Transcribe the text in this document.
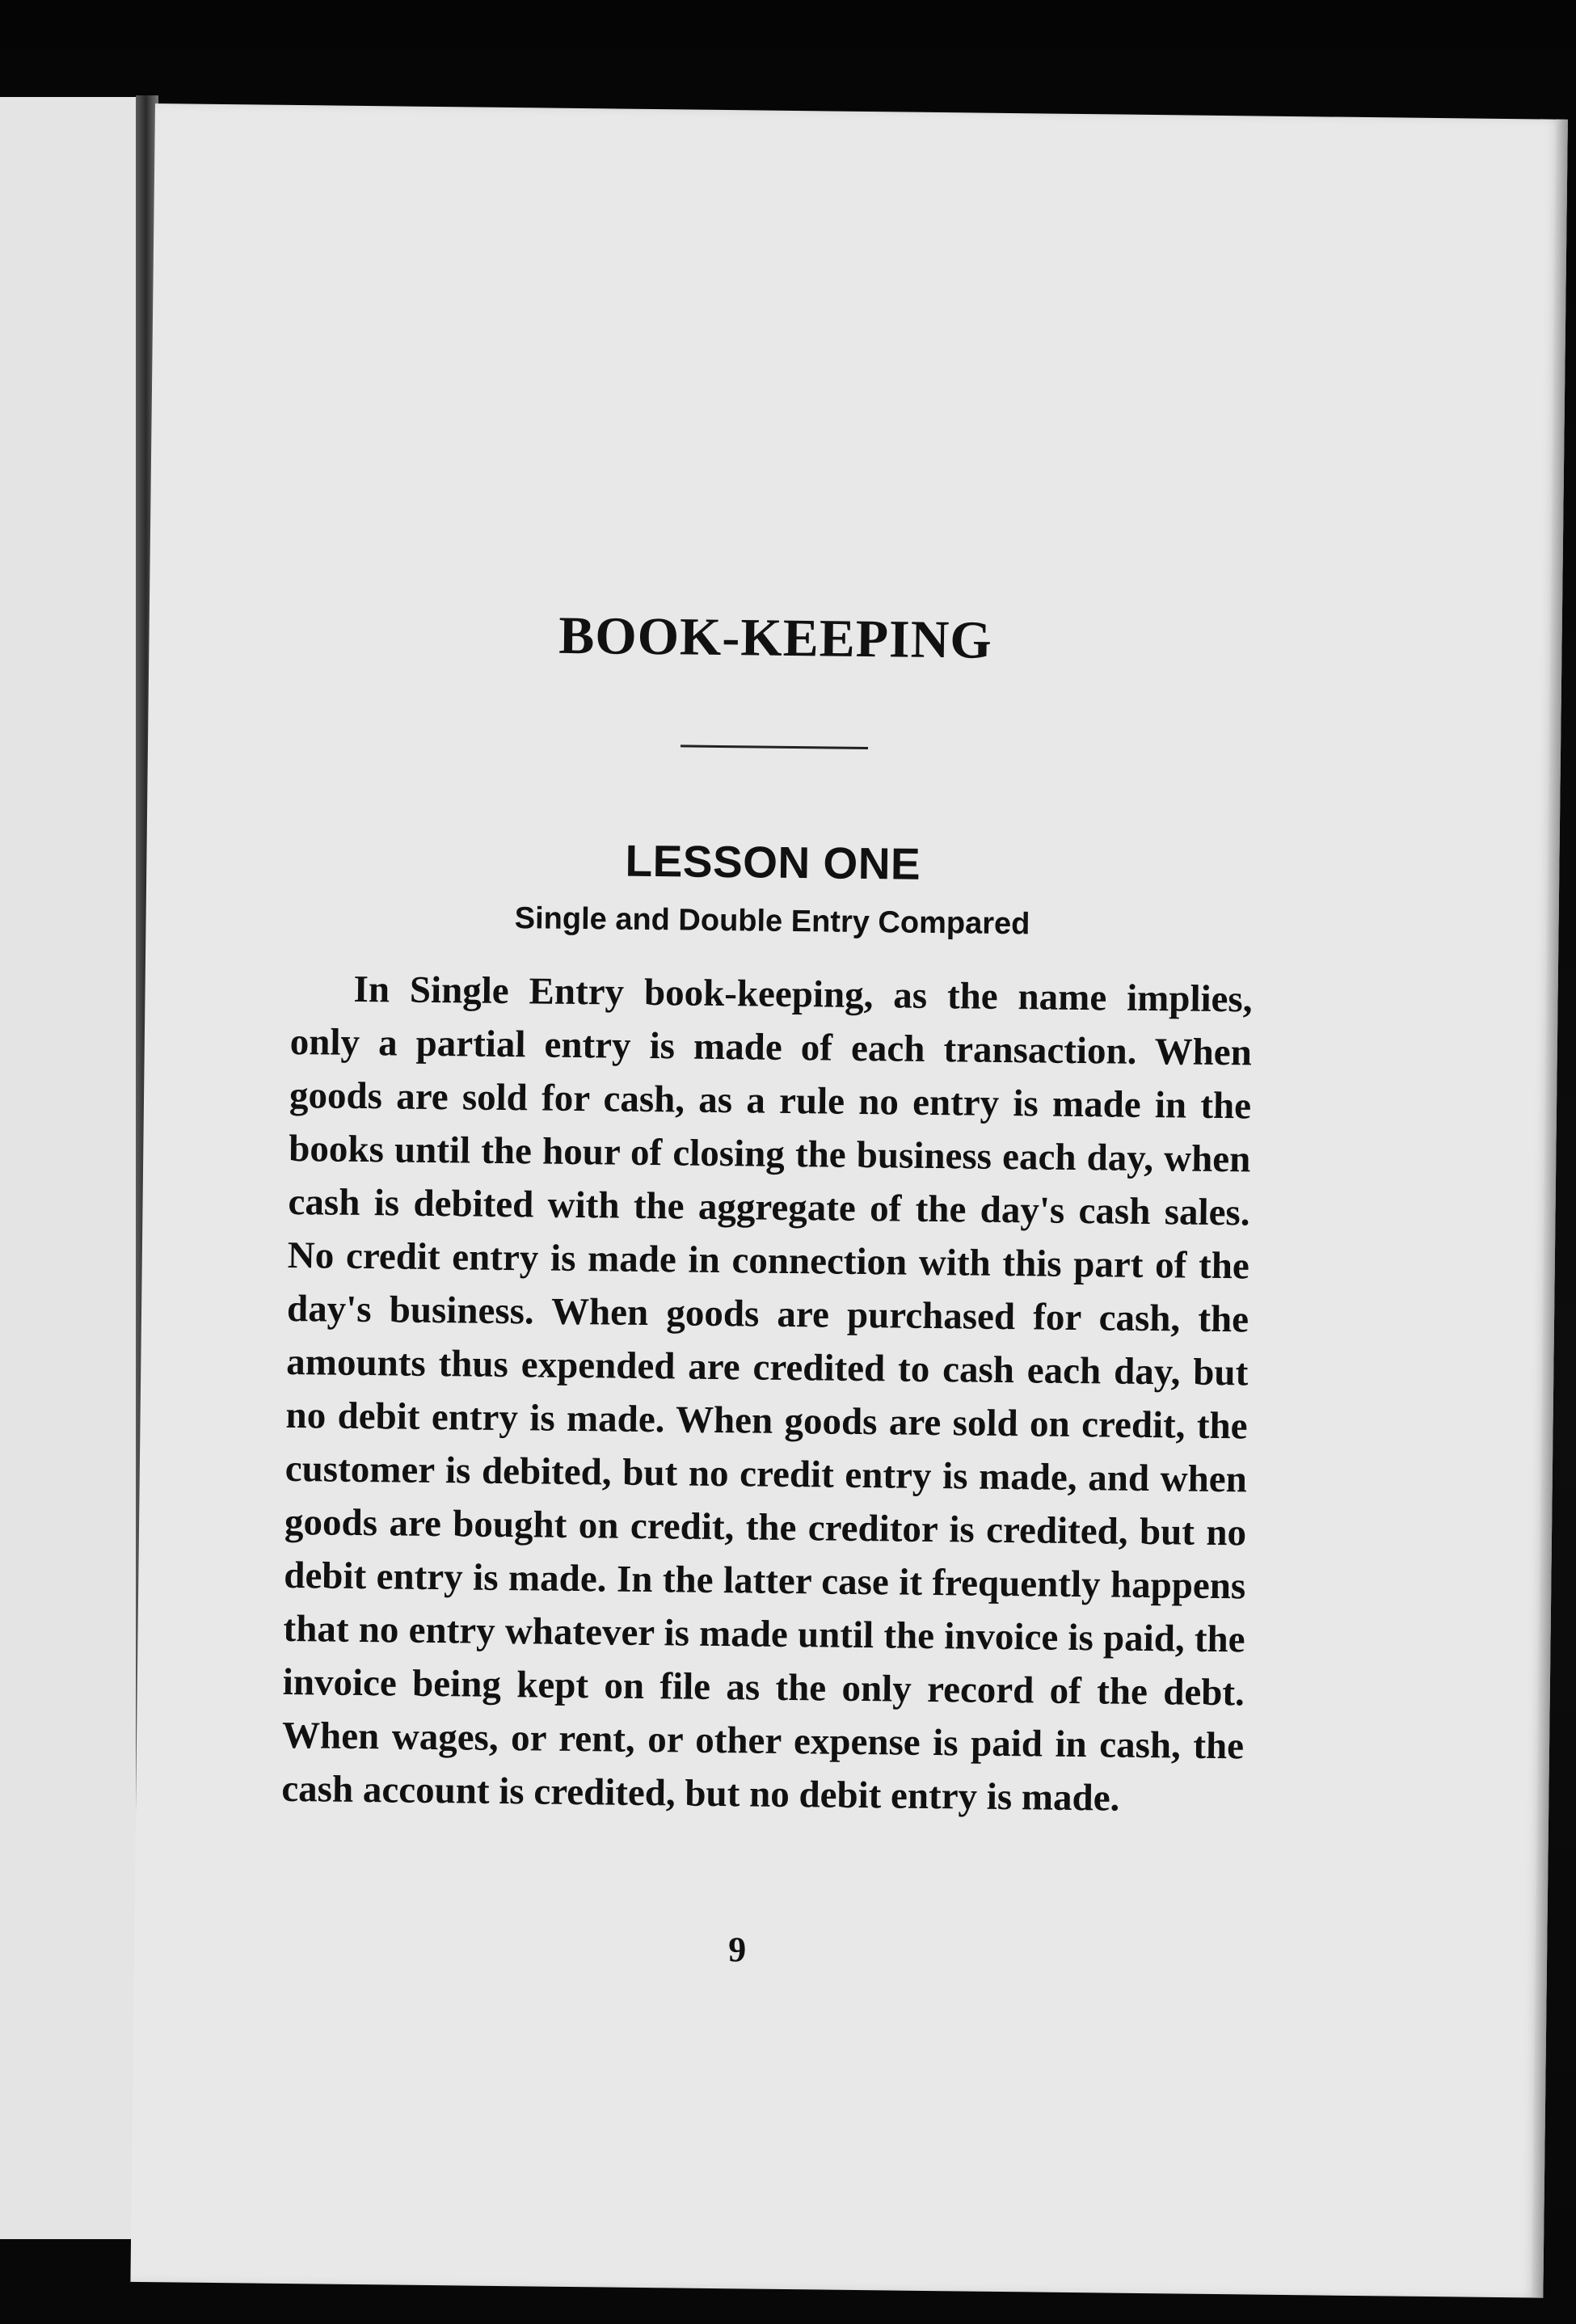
BOOK-KEEPING
LESSON ONE
Single and Double Entry Compared

In Single Entry book-keeping, as the name implies, only a partial entry is made of each transaction. When goods are sold for cash, as a rule no entry is made in the books until the hour of closing the business each day, when cash is debited with the aggregate of the day's cash sales. No credit entry is made in connection with this part of the day's business. When goods are purchased for cash, the amounts thus expended are credited to cash each day, but no debit entry is made. When goods are sold on credit, the customer is debited, but no credit entry is made, and when goods are bought on credit, the creditor is credited, but no debit entry is made. In the latter case it frequently happens that no entry whatever is made until the invoice is paid, the invoice being kept on file as the only record of the debt. When wages, or rent, or other expense is paid in cash, the cash account is credited, but no debit entry is made.

9
